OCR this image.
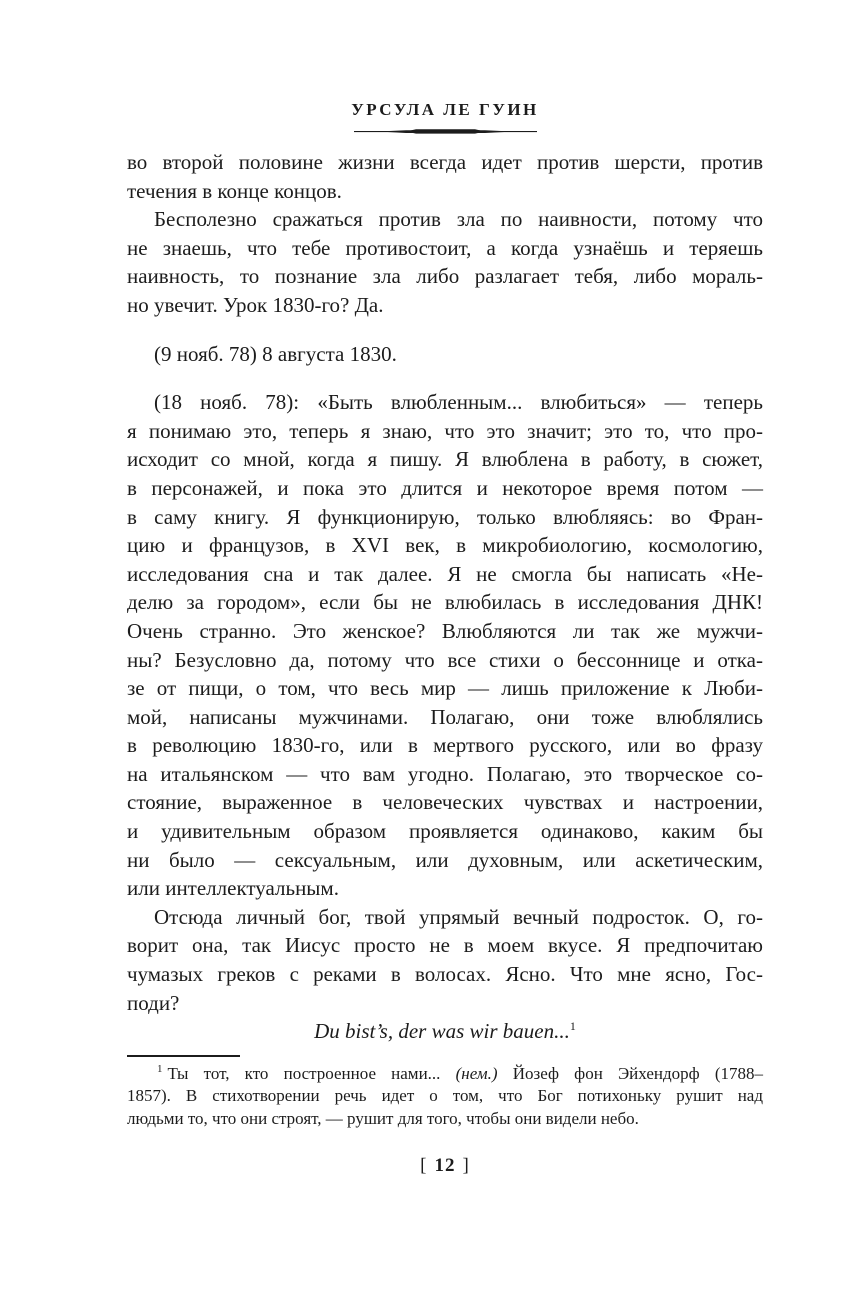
УРСУЛА ЛЕ ГУИН
во второй половине жизни всегда идет против шерсти, против
течения в конце концов.
Бесполезно сражаться против зла по наивности, потому что
не знаешь, что тебе противостоит, а когда узнаёшь и теряешь
наивность, то познание зла либо разлагает тебя, либо мораль-
но увечит. Урок 1830-го? Да.
(9 нояб. 78) 8 августа 1830.
(18 нояб. 78): «Быть влюбленным... влюбиться» — теперь
я понимаю это, теперь я знаю, что это значит; это то, что про-
исходит со мной, когда я пишу. Я влюблена в работу, в сюжет,
в персонажей, и пока это длится и некоторое время потом —
в саму книгу. Я функционирую, только влюбляясь: во Фран-
цию и французов, в XVI век, в микробиологию, космологию,
исследования сна и так далее. Я не смогла бы написать «Не-
делю за городом», если бы не влюбилась в исследования ДНК!
Очень странно. Это женское? Влюбляются ли так же мужчи-
ны? Безусловно да, потому что все стихи о бессоннице и отка-
зе от пищи, о том, что весь мир — лишь приложение к Люби-
мой, написаны мужчинами. Полагаю, они тоже влюблялись
в революцию 1830-го, или в мертвого русского, или во фразу
на итальянском — что вам угодно. Полагаю, это творческое со-
стояние, выраженное в человеческих чувствах и настроении,
и удивительным образом проявляется одинаково, каким бы
ни было — сексуальным, или духовным, или аскетическим,
или интеллектуальным.
Отсюда личный бог, твой упрямый вечный подросток. О, го-
ворит она, так Иисус просто не в моем вкусе. Я предпочитаю
чумазых греков с реками в волосах. Ясно. Что мне ясно, Гос-
поди?
Du bist’s, der was wir bauen...$^1$
$^1$ Ты тот, кто построенное нами... (нем.) Йозеф фон Эйхендорф (1788–
1857). В стихотворении речь идет о том, что Бог потихоньку рушит над
людьми то, что они строят, — рушит для того, чтобы они видели небо.
[ 12 ]
